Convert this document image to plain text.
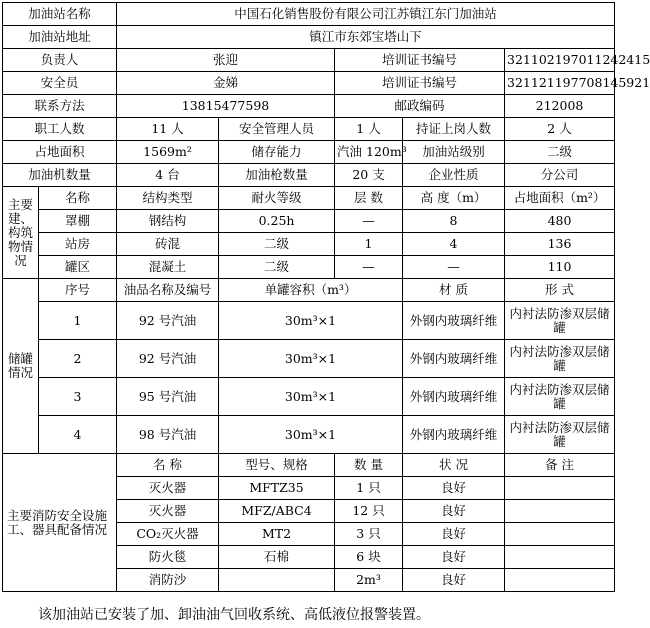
加油站名称		中国石化销售股份有限公司江苏镇江东门加油站				
加油站地址		镇江市东郊宝塔山下				
负责人		张迎		培训证书编号		321102197011242415
安全员		金娣		培训证书编号		321121197708145921
联系方法		13815477598		邮政编码		212008
职工人数		11 人	安全管理人员	1 人	持证上岗人数	2 人
占地面积		1569m²	储存能力	汽油 120m³	加油站级别	二级
加油机数量		4 台	加油枪数量	20 支	企业性质	分公司
主要建、构筑物情况	名称	结构类型	耐火等级	层 数	高 度（m）	占地面积（m²）
	罩棚	钢结构	0.25h	—	8	480
	站房	砖混	二级	1	4	136
	罐区	混凝土	二级	—	—	110
储罐情况	序号	油品名称及编号	单罐容积（m³）		材 质	形 式
	1	92 号汽油	30m³×1		外钢内玻璃纤维	内衬法防渗双层储罐
	2	92 号汽油	30m³×1		外钢内玻璃纤维	内衬法防渗双层储罐
	3	95 号汽油	30m³×1		外钢内玻璃纤维	内衬法防渗双层储罐
	4	98 号汽油	30m³×1		外钢内玻璃纤维	内衬法防渗双层储罐
主要消防安全设施工、器具配备情况		名 称	型号、规格	数 量	状 况	备 注
		灭火器	MFTZ35	1 只	良好	
		灭火器	MFZ/ABC4	12 只	良好	
		CO₂灭火器	MT2	3 只	良好	
		防火毯	石棉	6 块	良好	
		消防沙		2m³	良好	
该加油站已安装了加、卸油油气回收系统、高低液位报警装置。
